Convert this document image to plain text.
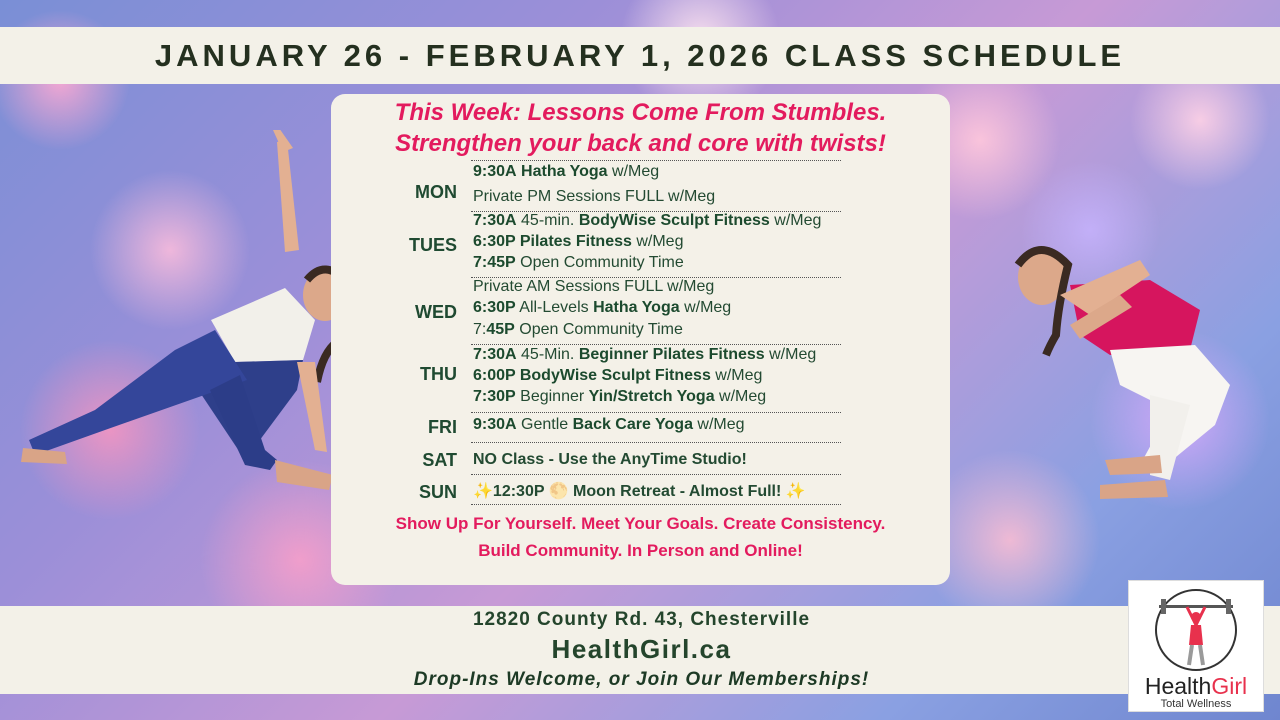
JANUARY 26 - FEBRUARY 1, 2026 CLASS SCHEDULE
This Week: Lessons Come From Stumbles.
Strengthen your back and core with twists!
MON
9:30A Hatha Yoga w/Meg
Private PM Sessions FULL w/Meg
TUES
7:30A 45-min. BodyWise Sculpt Fitness w/Meg
6:30P Pilates Fitness w/Meg
7:45P Open Community Time
WED
Private AM Sessions FULL w/Meg
6:30P All-Levels Hatha Yoga w/Meg
7:45P Open Community Time
THU
7:30A 45-Min. Beginner Pilates Fitness w/Meg
6:00P BodyWise Sculpt Fitness w/Meg
7:30P Beginner Yin/Stretch Yoga w/Meg
FRI 9:30A Gentle Back Care Yoga w/Meg
SAT NO Class - Use the AnyTime Studio!
SUN ✨12:30P 🌕 Moon Retreat - Almost Full! ✨
Show Up For Yourself. Meet Your Goals. Create Consistency.
Build Community. In Person and Online!
12820 County Rd. 43, Chesterville
HealthGirl.ca
Drop-Ins Welcome, or Join Our Memberships!	HealthGirl
Total Wellness
